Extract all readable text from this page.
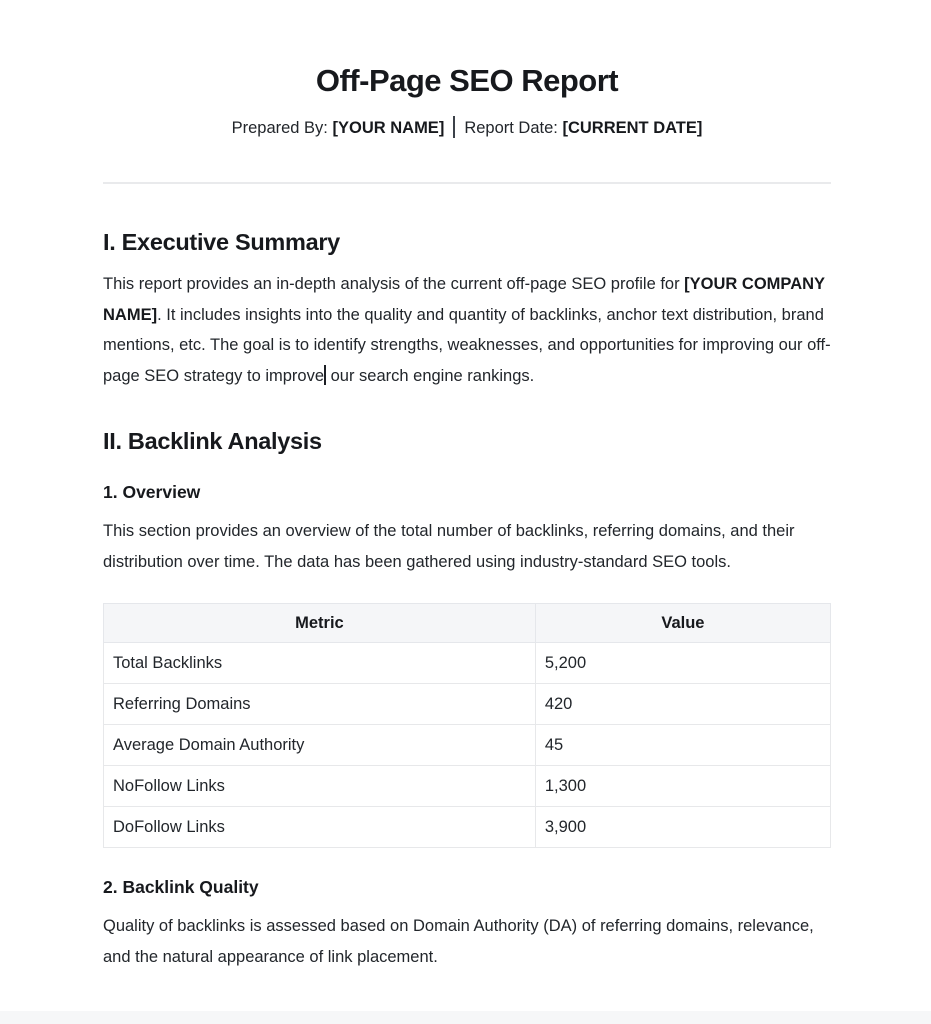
Off-Page SEO Report

Prepared By: [YOUR NAME] Report Date: [CURRENT DATE]

I. Executive Summary

This report provides an in-depth analysis of the current off-page SEO profile for [YOUR COMPANY NAME]. It includes insights into the quality and quantity of backlinks, anchor text distribution, brand mentions, etc. The goal is to identify strengths, weaknesses, and opportunities for improving our off-page SEO strategy to improve our search engine rankings.

II. Backlink Analysis
1. Overview

This section provides an overview of the total number of backlinks, referring domains, and their distribution over time. The data has been gathered using industry-standard SEO tools.

Metric	Value
Total Backlinks	5,200
Referring Domains	420
Average Domain Authority	45
NoFollow Links	1,300
DoFollow Links	3,900
2. Backlink Quality

Quality of backlinks is assessed based on Domain Authority (DA) of referring domains, relevance, and the natural appearance of link placement.
